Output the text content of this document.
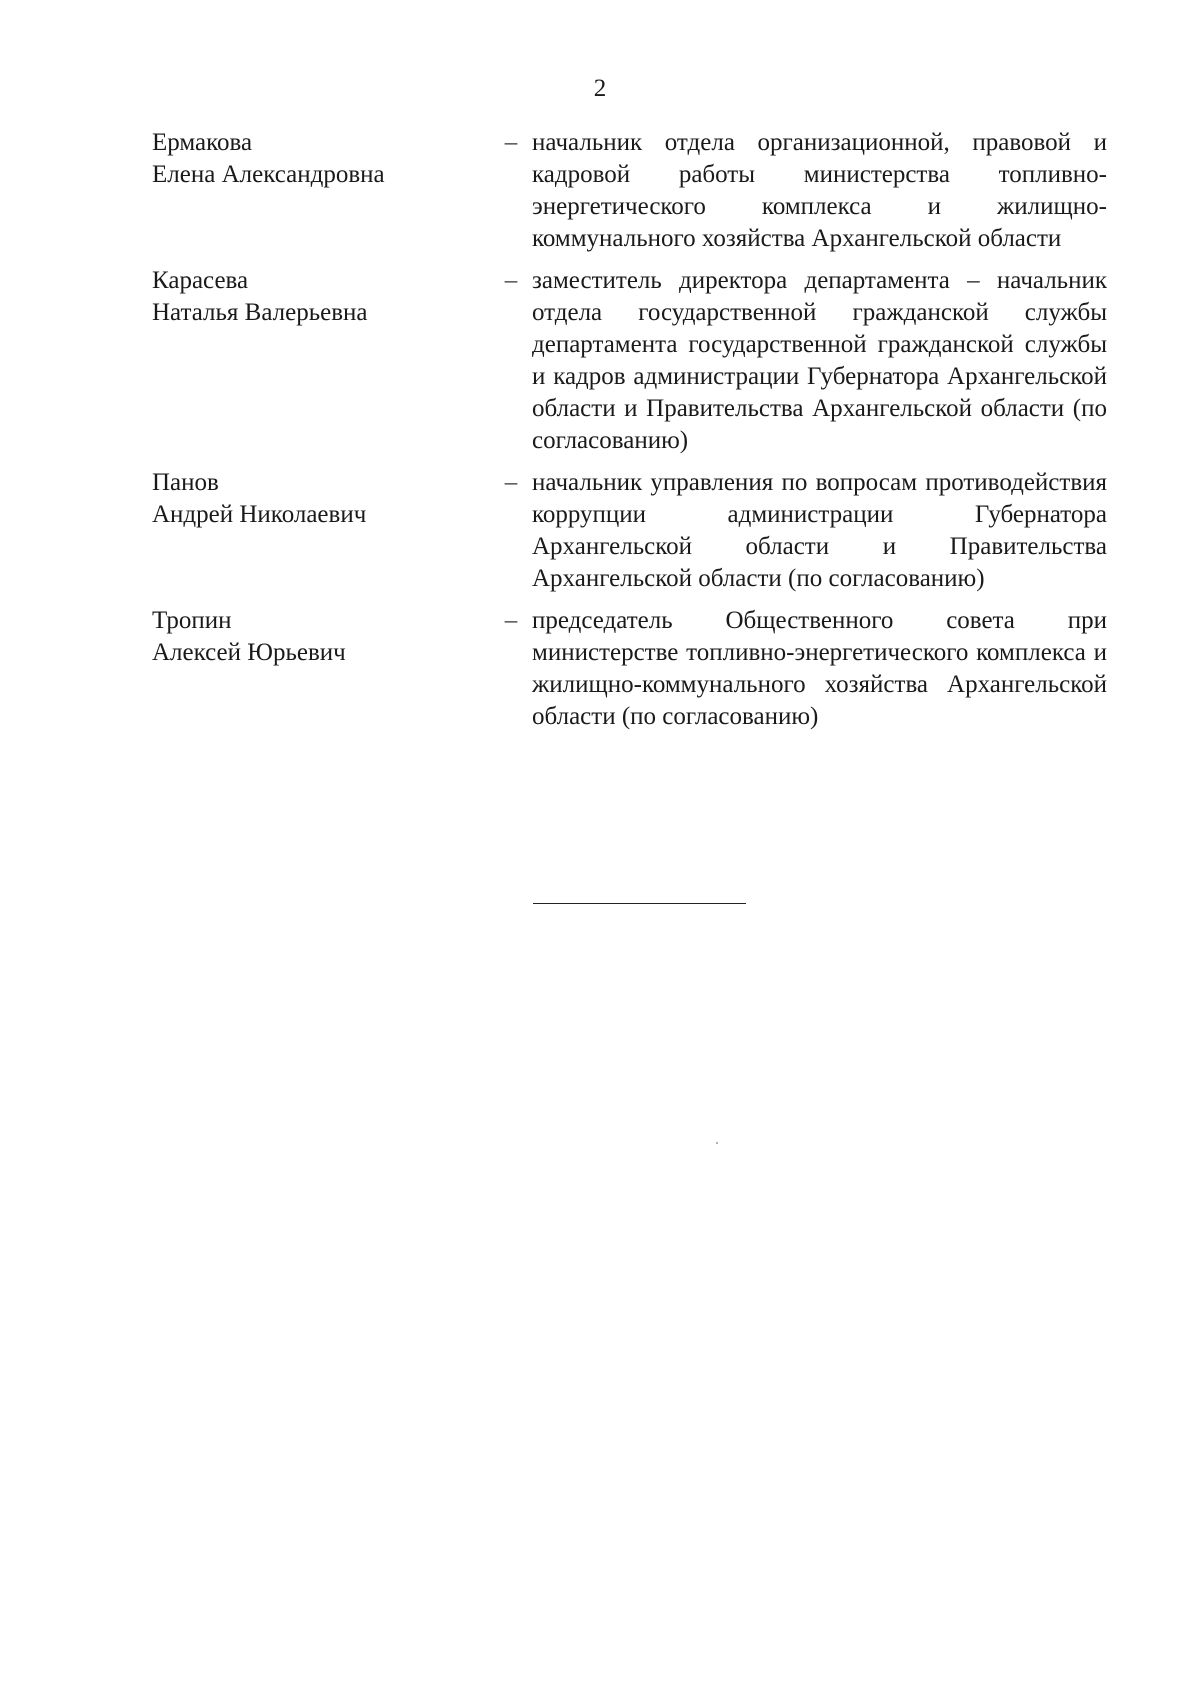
2
Ермакова
Елена Александровна
– начальник отдела организационной, правовой и кадровой работы министерства топливно-энергетического комплекса и жилищно-коммунального хозяйства Архангельской области
Карасева
Наталья Валерьевна
– заместитель директора департамента – начальник отдела государственной гражданской службы департамента государственной гражданской службы и кадров администрации Губернатора Архангельской области и Правительства Архангельской области (по согласованию)
Панов
Андрей Николаевич
– начальник управления по вопросам противодействия коррупции администрации Губернатора Архангельской области и Правительства Архангельской области (по согласованию)
Тропин
Алексей Юрьевич
– председатель Общественного совета при министерстве топливно-энергетического комплекса и жилищно-коммунального хозяйства Архангельской области (по согласованию)
